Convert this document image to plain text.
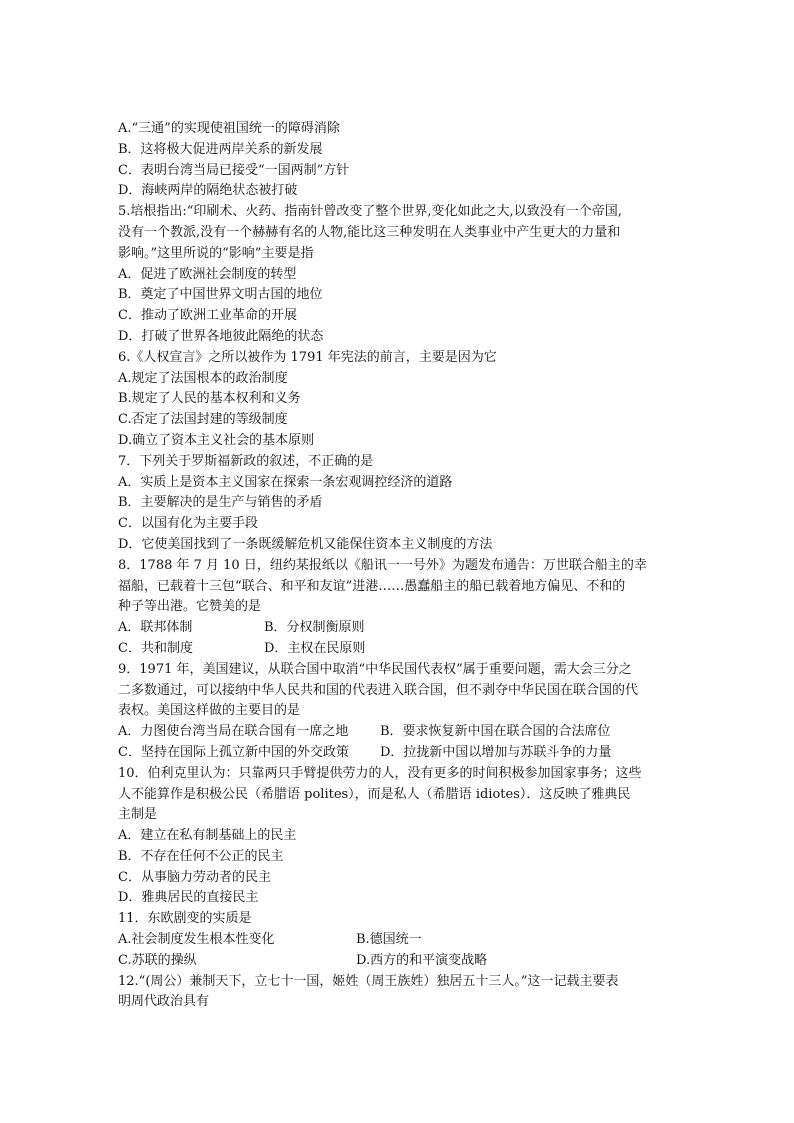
A.“三通”的实现使祖国统一的障碍消除
B．这将极大促进两岸关系的新发展
C．表明台湾当局已接受“一国两制”方针
D．海峡两岸的隔绝状态被打破
5.培根指出:“印刷术、火药、指南针曾改变了整个世界,变化如此之大,以致没有一个帝国,
没有一个教派,没有一个赫赫有名的人物,能比这三种发明在人类事业中产生更大的力量和
影响。”这里所说的“影响”主要是指
A．促进了欧洲社会制度的转型
B．奠定了中国世界文明古国的地位
C．推动了欧洲工业革命的开展
D．打破了世界各地彼此隔绝的状态
6.《人权宣言》之所以被作为 1791 年宪法的前言，主要是因为它
A.规定了法国根本的政治制度
B.规定了人民的基本权利和义务
C.否定了法国封建的等级制度
D.确立了资本主义社会的基本原则
7．下列关于罗斯福新政的叙述，不正确的是
A．实质上是资本主义国家在探索一条宏观调控经济的道路
B．主要解决的是生产与销售的矛盾
C．以国有化为主要手段
D．它使美国找到了一条既缓解危机又能保住资本主义制度的方法
8．1788 年 7 月 10 日，纽约某报纸以《船讯一一号外》为题发布通告：万世联合船主的幸
福船，已载着十三包“联合、和平和友谊”进港……愚蠢船主的船已载着地方偏见、不和的
种子等出港。它赞美的是
A．联邦体制	B．分权制衡原则
C．共和制度	D．主权在民原则
9．1971 年，美国建议，从联合国中取消“中华民国代表权”属于重要问题，需大会三分之
二多数通过，可以接纳中华人民共和国的代表进入联合国，但不剥夺中华民国在联合国的代
表权。美国这样做的主要目的是
A．力图使台湾当局在联合国有一席之地	B．要求恢复新中国在联合国的合法席位
C．坚持在国际上孤立新中国的外交政策	D．拉拢新中国以增加与苏联斗争的力量
10．伯利克里认为：只靠两只手臂提供劳力的人，没有更多的时间积极参加国家事务；这些
人不能算作是积极公民（希腊语 polites），而是私人（希腊语 idiotes）．这反映了雅典民
主制是
A．建立在私有制基础上的民主
B．不存在任何不公正的民主
C．从事脑力劳动者的民主
D．雅典居民的直接民主
11．东欧剧变的实质是
A.社会制度发生根本性变化	B.德国统一
C.苏联的操纵	D.西方的和平演变战略
12.“(周公）兼制天下，立七十一国，姬姓（周王族姓）独居五十三人。”这一记载主要表
明周代政治具有
